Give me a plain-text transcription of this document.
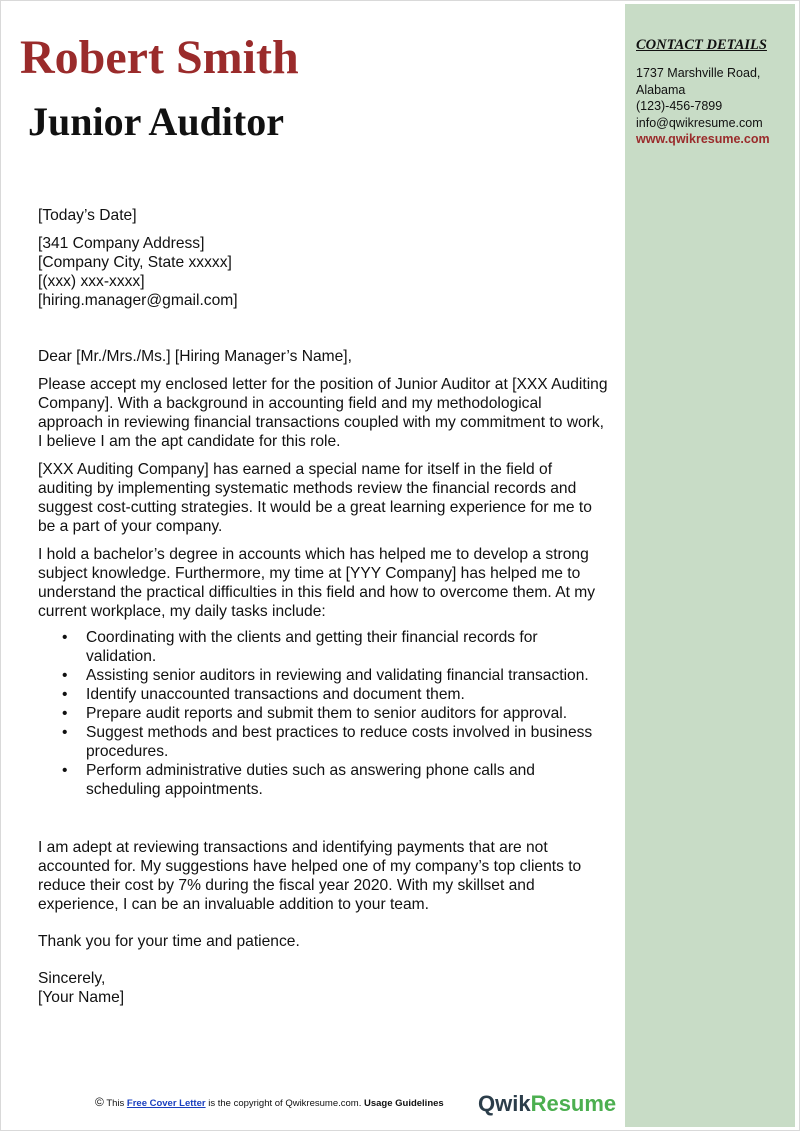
CONTACT DETAILS
1737 Marshville Road,
Alabama
(123)-456-7899
info@qwikresume.com
www.qwikresume.com
Robert Smith
Junior Auditor
[Today’s Date]
[341 Company Address]
[Company City, State xxxxx]
[(xxx) xxx-xxxx]
[hiring.manager@gmail.com]
Dear [Mr./Mrs./Ms.] [Hiring Manager’s Name],
Please accept my enclosed letter for the position of Junior Auditor at [XXX Auditing Company]. With a background in accounting field and my methodological approach in reviewing financial transactions coupled with my commitment to work, I believe I am the apt candidate for this role.
[XXX Auditing Company] has earned a special name for itself in the field of auditing by implementing systematic methods review the financial records and suggest cost-cutting strategies. It would be a great learning experience for me to be a part of your company.
I hold a bachelor’s degree in accounts which has helped me to develop a strong subject knowledge. Furthermore, my time at [YYY Company] has helped me to understand the practical difficulties in this field and how to overcome them. At my current workplace, my daily tasks include:
• Coordinating with the clients and getting their financial records for validation.
• Assisting senior auditors in reviewing and validating financial transaction.
• Identify unaccounted transactions and document them.
• Prepare audit reports and submit them to senior auditors for approval.
• Suggest methods and best practices to reduce costs involved in business procedures.
• Perform administrative duties such as answering phone calls and scheduling appointments.
I am adept at reviewing transactions and identifying payments that are not accounted for. My suggestions have helped one of my company’s top clients to reduce their cost by 7% during the fiscal year 2020. With my skillset and experience, I can be an invaluable addition to your team.
Thank you for your time and patience.
Sincerely,
[Your Name]
© This Free Cover Letter is the copyright of Qwikresume.com. Usage Guidelines QwikResume
